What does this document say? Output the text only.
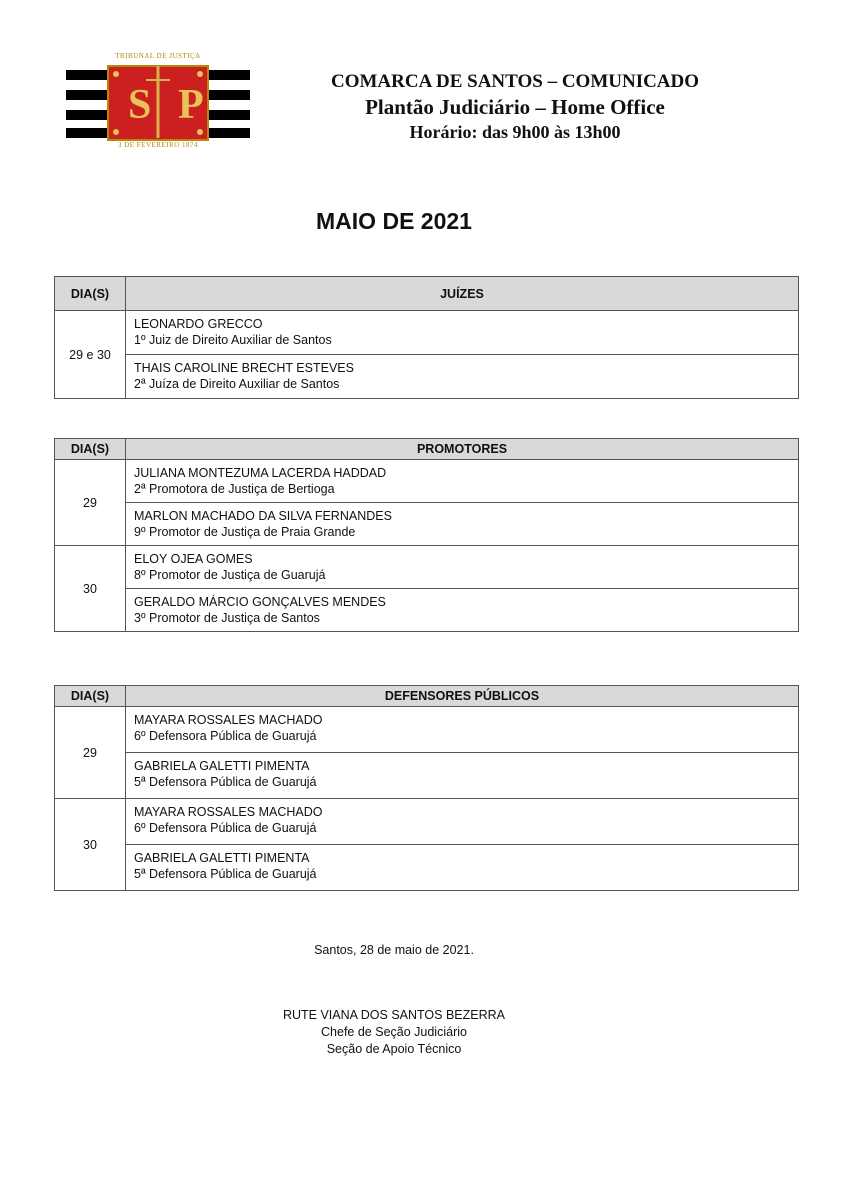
TRIBUNAL DE JUSTIÇA
S P
3 DE FEVEREIRO 1874
COMARCA DE SANTOS – COMUNICADO
Plantão Judiciário – Home Office
Horário: das 9h00 às 13h00
MAIO DE 2021
DIA(S)	JUÍZES
29 e 30	LEONARDO GRECCO
1º Juiz de Direito Auxiliar de Santos

	THAIS CAROLINE BRECHT ESTEVES
2ª Juíza de Direito Auxiliar de Santos
DIA(S)	PROMOTORES
29	JULIANA MONTEZUMA LACERDA HADDAD
2ª Promotora de Justiça de Bertioga

	MARLON MACHADO DA SILVA FERNANDES
9º Promotor de Justiça de Praia Grande

30	ELOY OJEA GOMES
8º Promotor de Justiça de Guarujá

	GERALDO MÁRCIO GONÇALVES MENDES
3º Promotor de Justiça de Santos
DIA(S)	DEFENSORES PÚBLICOS
29	MAYARA ROSSALES MACHADO
6º Defensora Pública de Guarujá

	GABRIELA GALETTI PIMENTA
5ª Defensora Pública de Guarujá

30	MAYARA ROSSALES MACHADO
6º Defensora Pública de Guarujá

	GABRIELA GALETTI PIMENTA
5ª Defensora Pública de Guarujá
Santos, 28 de maio de 2021.
RUTE VIANA DOS SANTOS BEZERRA
Chefe de Seção Judiciário
Seção de Apoio Técnico
